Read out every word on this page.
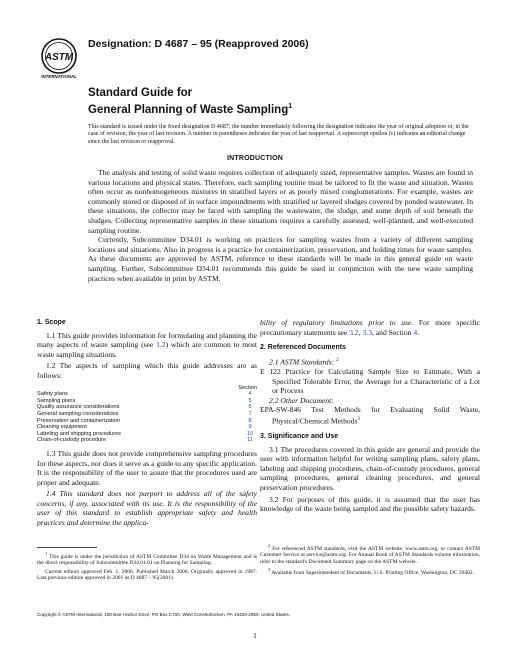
ASTM
INTERNATIONAL
Designation: D 4687 – 95 (Reapproved 2006)
Standard Guide for
General Planning of Waste Sampling$^1$
This standard is issued under the fixed designation D 4687; the number immediately following the designation indicates the year of original adoption or, in the case of revision, the year of last revision. A number in parentheses indicates the year of last reapproval. A superscript epsilon (ε) indicates an editorial change since the last revision or reapproval.
INTRODUCTION

The analysis and testing of solid waste requires collection of adequately sized, representative samples. Wastes are found in various locations and physical states. Therefore, each sampling routine must be tailored to fit the waste and situation. Wastes often occur as nonhomogeneous mixtures in stratified layers or as poorly mixed conglomerations. For example, wastes are commonly stored or disposed of in surface impoundments with stratified or layered sludges covered by ponded wastewater. In these situations, the collector may be faced with sampling the wastewater, the sludge, and some depth of soil beneath the sludges. Collecting representative samples in these situations requires a carefully assessed, well-planned, and well-executed sampling routine.

Currently, Subcommittee D34.01 is working on practices for sampling wastes from a variety of different sampling locations and situations. Also in progress is a practice for containerization, preservation, and holding times for waste samples. As these documents are approved by ASTM, reference to these standards will be made in this general guide on waste sampling. Further, Subcommittee D34.01 recommends this guide be used in conjunction with the new waste sampling practices when available in print by ASTM.

1. Scope

1.1 This guide provides information for formulating and planning the many aspects of waste sampling (see 1.2) which are common to most waste sampling situations.

1.2 The aspects of sampling which this guide addresses are as follows:

Section
Safety plans	4
Sampling plans	5
Quality assurance considerations	6
General sampling considerations	7
Preservation and containerization	8
Cleaning equipment	9
Labeling and shipping procedures	10
Chain-of-custody procedure	11

1.3 This guide does not provide comprehensive sampling procedures for these aspects, nor does it serve as a guide to any specific application. It is the responsibility of the user to assure that the procedures used are proper and adequate.

1.4 This standard does not purport to address all of the safety concerns, if any, associated with its use. It is the responsibility of the user of this standard to establish appropriate safety and health practices and determine the applica-

bility of regulatory limitations prior to use. For more specific precautionary statements see 3.2, 3.3, and Section 4.

2. Referenced Documents

2.1 ASTM Standards: $^2$

E 122 Practice for Calculating Sample Size to Estimate, With a Specified Tolerable Error, the Average for a Characteristic of a Lot or Process

2.2 Other Document:

EPA-SW-846 Test Methods for Evaluating Solid Waste, Physical/Chemical Methods$^3$

3. Significance and Use

3.1 The procedures covered in this guide are general and provide the user with information helpful for writing sampling plans, safety plans, labeling and shipping procedures, chain-of-custody procedures, general sampling procedures, general cleaning procedures, and general preservation procedures.

3.2 For purposes of this guide, it is assumed that the user has knowledge of the waste being sampled and the possible safety hazards.

$^1$ This guide is under the jurisdiction of ASTM Committee D34 on Waste Management and is the direct responsibility of Subcommittee D34.01.01 on Planning for Sampling.

Current edition approved Feb. 1, 2006. Published March 2006. Originally approved in 1987. Last previous edition approved in 2001 as D 4687 – 95(2001).

$^2$ For referenced ASTM standards, visit the ASTM website, www.astm.org, or contact ASTM Customer Service at service@astm.org. For Annual Book of ASTM Standards volume information, refer to the standard's Document Summary page on the ASTM website.

$^3$ Available from Superintendent of Documents, U.S. Printing Office, Washington, DC 20402.

Copyright © ASTM International, 100 Barr Harbor Drive, PO Box C700, West Conshohocken, PA 19428-2959, United States.
1
